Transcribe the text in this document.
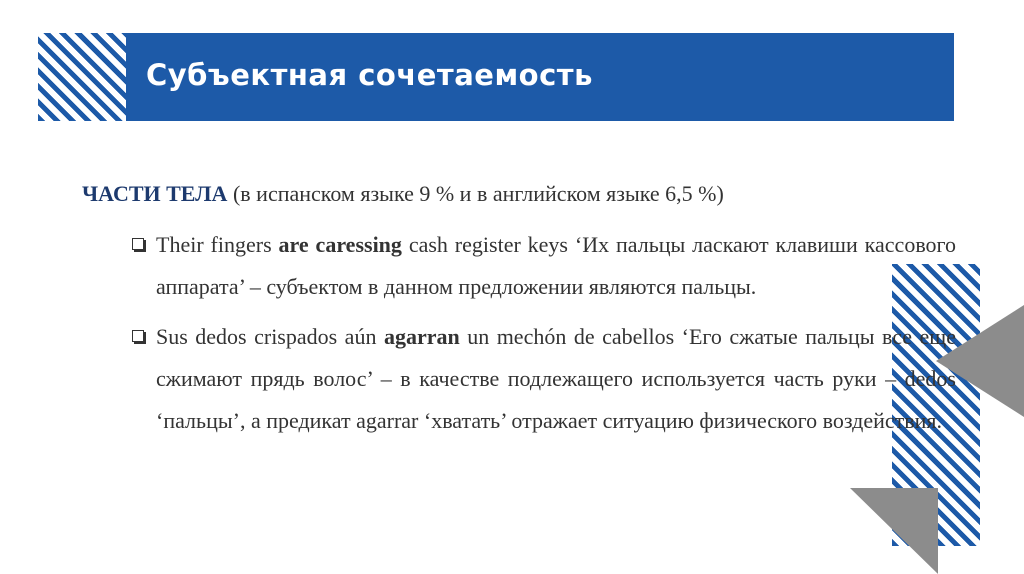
Субъектная сочетаемость
ЧАСТИ ТЕЛА (в испанском языке 9 % и в английском языке 6,5 %)
Their fingers are caressing cash register keys ‘Их пальцы ласкают клавиши кассового аппарата’ – субъектом в данном предложении являются пальцы.
Sus dedos crispados aún agarran un mechón de cabellos ‘Его сжатые пальцы все еще сжимают прядь волос’ – в качестве подлежащего используется часть руки – dedos ‘пальцы’, а предикат agarrar ‘хватать’ отражает ситуацию физического воздействия.
